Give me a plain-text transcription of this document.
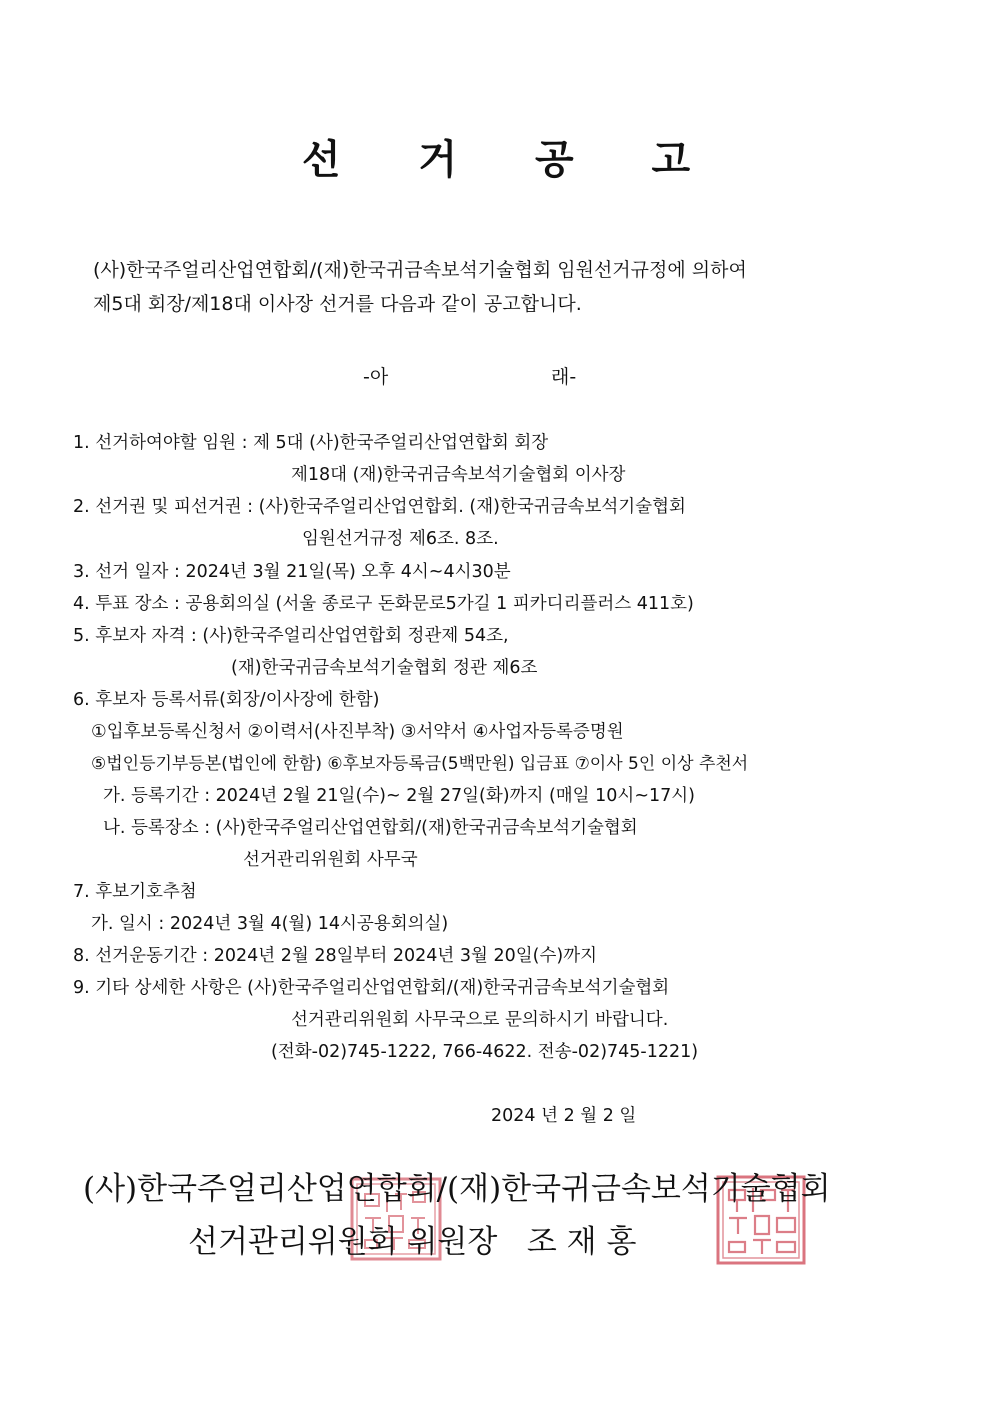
선 거 공 고
(사)한국주얼리산업연합회/(재)한국귀금속보석기술협회 임원선거규정에 의하여
제5대 회장/제18대 이사장 선거를 다음과 같이 공고합니다.
-아	래-
1. 선거하여야할 임원 : 제 5대 (사)한국주얼리산업연합회 회장
제18대 (재)한국귀금속보석기술협회 이사장
2. 선거권 및 피선거권 : (사)한국주얼리산업연합회. (재)한국귀금속보석기술협회
임원선거규정 제6조. 8조.
3. 선거 일자 : 2024년 3월 21일(목) 오후 4시~4시30분
4. 투표 장소 : 공용회의실 (서울 종로구 돈화문로5가길 1 피카디리플러스 411호)
5. 후보자 자격 : (사)한국주얼리산업연합회 정관제 54조,
(재)한국귀금속보석기술협회 정관 제6조
6. 후보자 등록서류(회장/이사장에 한함)
①입후보등록신청서 ②이력서(사진부착) ③서약서 ④사업자등록증명원
⑤법인등기부등본(법인에 한함) ⑥후보자등록금(5백만원) 입금표 ⑦이사 5인 이상 추천서
가. 등록기간 : 2024년 2월 21일(수)~ 2월 27일(화)까지 (매일 10시~17시)
나. 등록장소 : (사)한국주얼리산업연합회/(재)한국귀금속보석기술협회
선거관리위원회 사무국
7. 후보기호추첨
가. 일시 : 2024년 3월 4(월) 14시공용회의실)
8. 선거운동기간 : 2024년 2월 28일부터 2024년 3월 20일(수)까지
9. 기타 상세한 사항은 (사)한국주얼리산업연합회/(재)한국귀금속보석기술협회
선거관리위원회 사무국으로 문의하시기 바랍니다.
(전화-02)745-1222, 766-4622. 전송-02)745-1221)
2024 년 2 월 2 일
(사)한국주얼리산업연합회/(재)한국귀금속보석기술협회
선거관리위원회 위원장   조 재 홍
